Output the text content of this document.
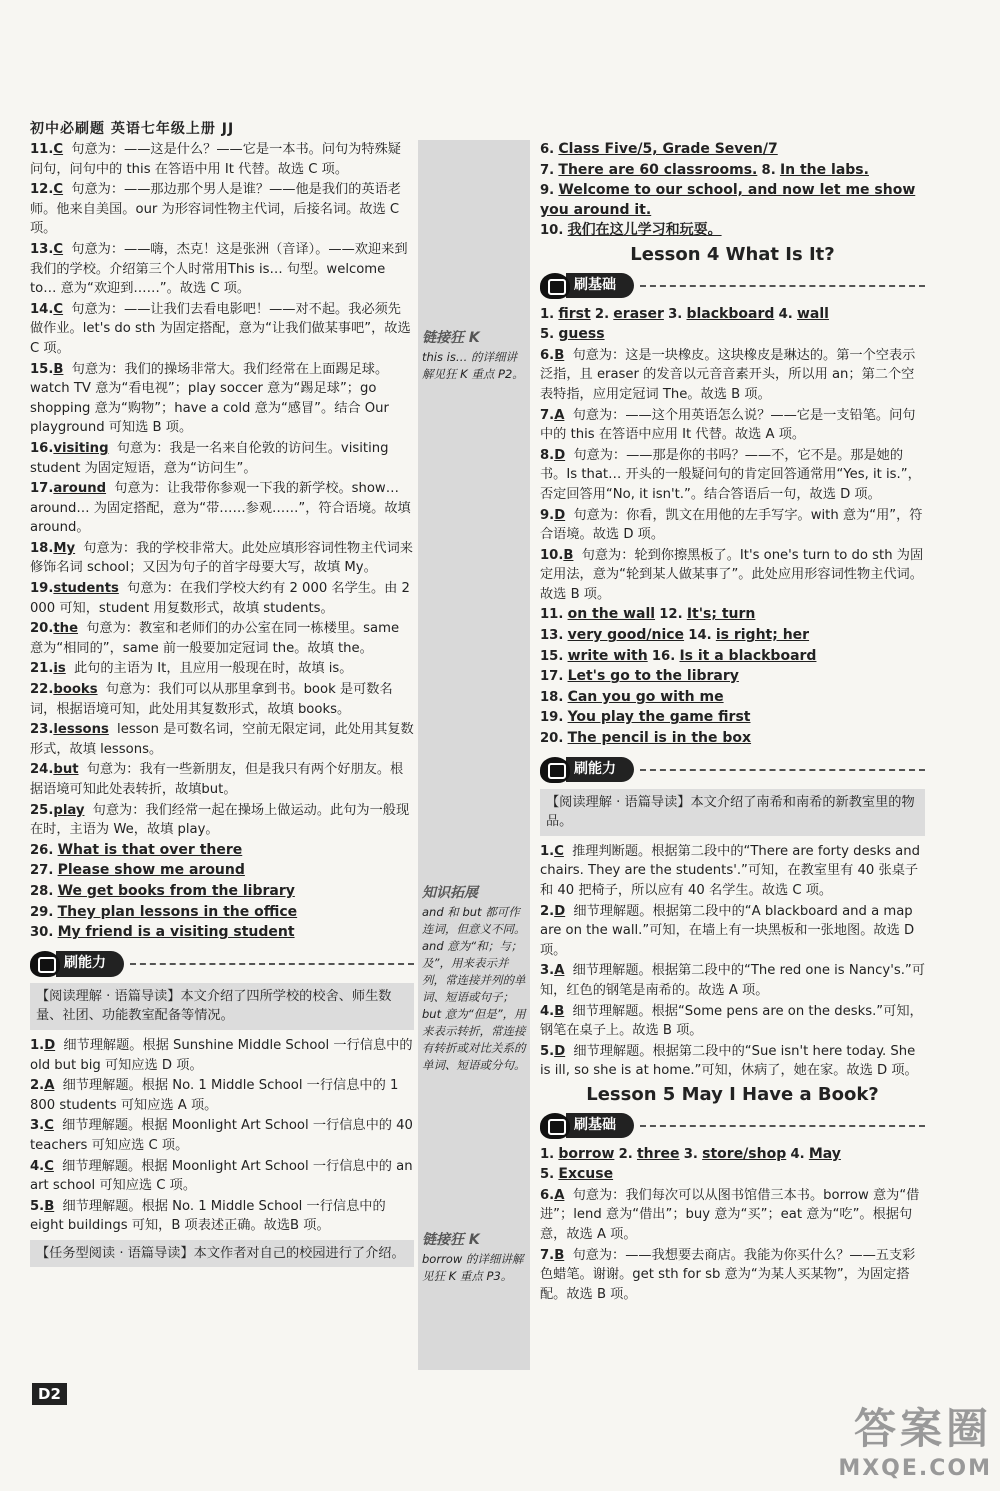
初中必刷题 英语七年级上册 JJ
链接狂 K
this is… 的详细讲解见狂 K 重点 P2。
知识拓展
and 和 but 都可作连词，但意义不同。and 意为“和；与；及”，用来表示并列，常连接并列的单词、短语或句子；but 意为“但是”，用来表示转折，常连接有转折或对比关系的单词、短语或分句。
链接狂 K
borrow 的详细讲解见狂 K 重点 P3。
11.C 句意为：——这是什么？——它是一本书。问句为特殊疑问句，问句中的 this 在答语中用 It 代替。故选 C 项。
12.C 句意为：——那边那个男人是谁？——他是我们的英语老师。他来自美国。our 为形容词性物主代词，后接名词。故选 C 项。
13.C 句意为：——嗨，杰克！这是张洲（音译）。——欢迎来到我们的学校。介绍第三个人时常用This is… 句型。welcome to… 意为“欢迎到……”。故选 C 项。
14.C 句意为：——让我们去看电影吧！——对不起。我必须先做作业。let's do sth 为固定搭配，意为“让我们做某事吧”，故选 C 项。
15.B 句意为：我们的操场非常大。我们经常在上面踢足球。watch TV 意为“看电视”；play soccer 意为“踢足球”；go shopping 意为“购物”；have a cold 意为“感冒”。结合 Our playground 可知选 B 项。
16.visiting 句意为：我是一名来自伦敦的访问生。visiting student 为固定短语，意为“访问生”。
17.around 句意为：让我带你参观一下我的新学校。show… around… 为固定搭配，意为“带……参观……”，符合语境。故填 around。
18.My 句意为：我的学校非常大。此处应填形容词性物主代词来修饰名词 school；又因为句子的首字母要大写，故填 My。
19.students 句意为：在我们学校大约有 2 000 名学生。由 2 000 可知，student 用复数形式，故填 students。
20.the 句意为：教室和老师们的办公室在同一栋楼里。same 意为“相同的”，same 前一般要加定冠词 the。故填 the。
21.is 此句的主语为 It，且应用一般现在时，故填 is。
22.books 句意为：我们可以从那里拿到书。book 是可数名词，根据语境可知，此处用其复数形式，故填 books。
23.lessons lesson 是可数名词，空前无限定词，此处用其复数形式，故填 lessons。
24.but 句意为：我有一些新朋友，但是我只有两个好朋友。根据语境可知此处表转折，故填but。
25.play 句意为：我们经常一起在操场上做运动。此句为一般现在时，主语为 We，故填 play。
26. What is that over there
27. Please show me around
28. We get books from the library
29. They plan lessons in the office
30. My friend is a visiting student
刷能力
【阅读理解 · 语篇导读】本文介绍了四所学校的校舍、师生数量、社团、功能教室配备等情况。
1.D 细节理解题。根据 Sunshine Middle School 一行信息中的 old but big 可知应选 D 项。
2.A 细节理解题。根据 No. 1 Middle School 一行信息中的 1 800 students 可知应选 A 项。
3.C 细节理解题。根据 Moonlight Art School 一行信息中的 40 teachers 可知应选 C 项。
4.C 细节理解题。根据 Moonlight Art School 一行信息中的 an art school 可知应选 C 项。
5.B 细节理解题。根据 No. 1 Middle School 一行信息中的 eight buildings 可知，B 项表述正确。故选B 项。
【任务型阅读 · 语篇导读】本文作者对自己的校园进行了介绍。
6. Class Five/5, Grade Seven/7
7. There are 60 classrooms. 8. In the labs.
9. Welcome to our school, and now let me show you around it.
10. 我们在这儿学习和玩耍。
Lesson 4 What Is It?
刷基础
1. first 2. eraser 3. blackboard 4. wall
5. guess
6.B 句意为：这是一块橡皮。这块橡皮是琳达的。第一个空表示泛指，且 eraser 的发音以元音音素开头，所以用 an；第二个空表特指，应用定冠词 The。故选 B 项。
7.A 句意为：——这个用英语怎么说？——它是一支铅笔。问句中的 this 在答语中应用 It 代替。故选 A 项。
8.D 句意为：——那是你的书吗？——不，它不是。那是她的书。Is that… 开头的一般疑问句的肯定回答通常用“Yes, it is.”，否定回答用“No, it isn't.”。结合答语后一句，故选 D 项。
9.D 句意为：你看，凯文在用他的左手写字。with 意为“用”，符合语境。故选 D 项。
10.B 句意为：轮到你擦黑板了。It's one's turn to do sth 为固定用法，意为“轮到某人做某事了”。此处应用形容词性物主代词。故选 B 项。
11. on the wall 12. It's; turn
13. very good/nice 14. is right; her
15. write with 16. Is it a blackboard
17. Let's go to the library
18. Can you go with me
19. You play the game first
20. The pencil is in the box
刷能力
【阅读理解 · 语篇导读】本文介绍了南希和南希的新教室里的物品。
1.C 推理判断题。根据第二段中的“There are forty desks and chairs. They are the students'.”可知，在教室里有 40 张桌子和 40 把椅子，所以应有 40 名学生。故选 C 项。
2.D 细节理解题。根据第二段中的“A blackboard and a map are on the wall.”可知，在墙上有一块黑板和一张地图。故选 D 项。
3.A 细节理解题。根据第二段中的“The red one is Nancy's.”可知，红色的钢笔是南希的。故选 A 项。
4.B 细节理解题。根据“Some pens are on the desks.”可知，钢笔在桌子上。故选 B 项。
5.D 细节理解题。根据第二段中的“Sue isn't here today. She is ill, so she is at home.”可知，休病了，她在家。故选 D 项。
Lesson 5 May I Have a Book?
刷基础
1. borrow 2. three 3. store/shop 4. May
5. Excuse
6.A 句意为：我们每次可以从图书馆借三本书。borrow 意为“借进”；lend 意为“借出”；buy 意为“买”；eat 意为“吃”。根据句意，故选 A 项。
7.B 句意为：——我想要去商店。我能为你买什么？——五支彩色蜡笔。谢谢。get sth for sb 意为“为某人买某物”，为固定搭配。故选 B 项。
D2
答案圈
MXQE.COM
